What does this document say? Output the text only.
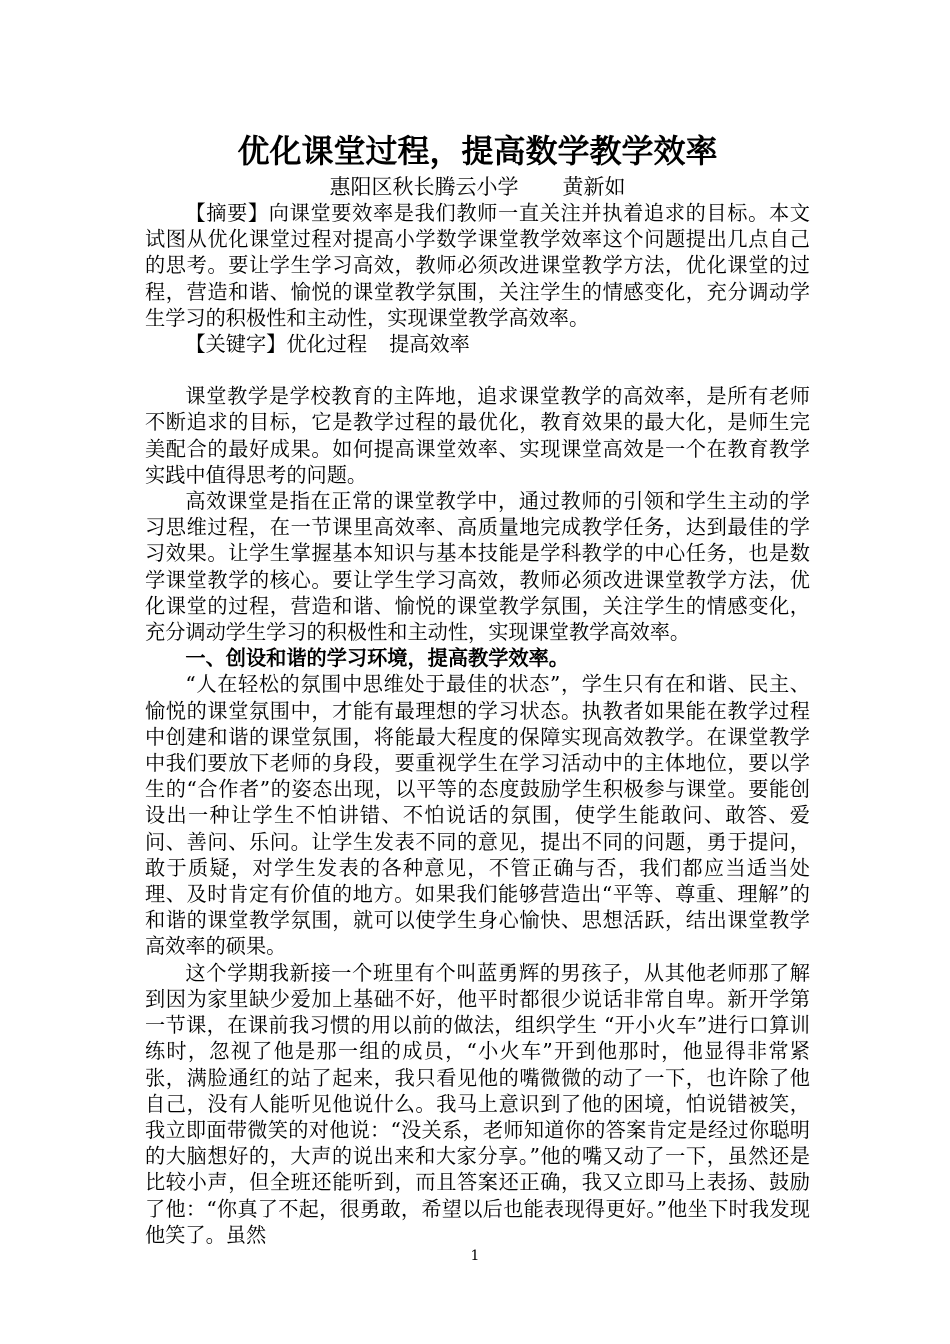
优化课堂过程，提高数学教学效率

惠阳区秋长腾云小学 黄新如

【摘要】向课堂要效率是我们教师一直关注并执着追求的目标。本文试图从优化课堂过程对提高小学数学课堂教学效率这个问题提出几点自己的思考。要让学生学习高效，教师必须改进课堂教学方法，优化课堂的过程，营造和谐、愉悦的课堂教学氛围，关注学生的情感变化，充分调动学生学习的积极性和主动性，实现课堂教学高效率。

【关键字】优化过程 提高效率

课堂教学是学校教育的主阵地，追求课堂教学的高效率，是所有老师不断追求的目标，它是教学过程的最优化，教育效果的最大化，是师生完美配合的最好成果。如何提高课堂效率、实现课堂高效是一个在教育教学实践中值得思考的问题。

高效课堂是指在正常的课堂教学中，通过教师的引领和学生主动的学习思维过程，在一节课里高效率、高质量地完成教学任务，达到最佳的学习效果。让学生掌握基本知识与基本技能是学科教学的中心任务，也是数学课堂教学的核心。要让学生学习高效，教师必须改进课堂教学方法，优化课堂的过程，营造和谐、愉悦的课堂教学氛围，关注学生的情感变化，充分调动学生学习的积极性和主动性，实现课堂教学高效率。

一、创设和谐的学习环境，提高教学效率。

“人在轻松的氛围中思维处于最佳的状态”，学生只有在和谐、民主、愉悦的课堂氛围中，才能有最理想的学习状态。执教者如果能在教学过程中创建和谐的课堂氛围，将能最大程度的保障实现高效教学。在课堂教学中我们要放下老师的身段，要重视学生在学习活动中的主体地位，要以学生的“合作者”的姿态出现，以平等的态度鼓励学生积极参与课堂。要能创设出一种让学生不怕讲错、不怕说话的氛围，使学生能敢问、敢答、爱问、善问、乐问。让学生发表不同的意见，提出不同的问题，勇于提问，敢于质疑，对学生发表的各种意见，不管正确与否，我们都应当适当处理、及时肯定有价值的地方。如果我们能够营造出“平等、尊重、理解”的和谐的课堂教学氛围，就可以使学生身心愉快、思想活跃，结出课堂教学高效率的硕果。

这个学期我新接一个班里有个叫蓝勇辉的男孩子，从其他老师那了解到因为家里缺少爱加上基础不好，他平时都很少说话非常自卑。新开学第一节课，在课前我习惯的用以前的做法，组织学生 “开小火车”进行口算训练时，忽视了他是那一组的成员，“小火车”开到他那时，他显得非常紧张，满脸通红的站了起来，我只看见他的嘴微微的动了一下，也许除了他自己，没有人能听见他说什么。我马上意识到了他的困境，怕说错被笑，我立即面带微笑的对他说：“没关系，老师知道你的答案肯定是经过你聪明的大脑想好的，大声的说出来和大家分享。”他的嘴又动了一下，虽然还是比较小声，但全班还能听到，而且答案还正确，我又立即马上表扬、鼓励了他：“你真了不起，很勇敢，希望以后也能表现得更好。”他坐下时我发现他笑了。虽然

1
